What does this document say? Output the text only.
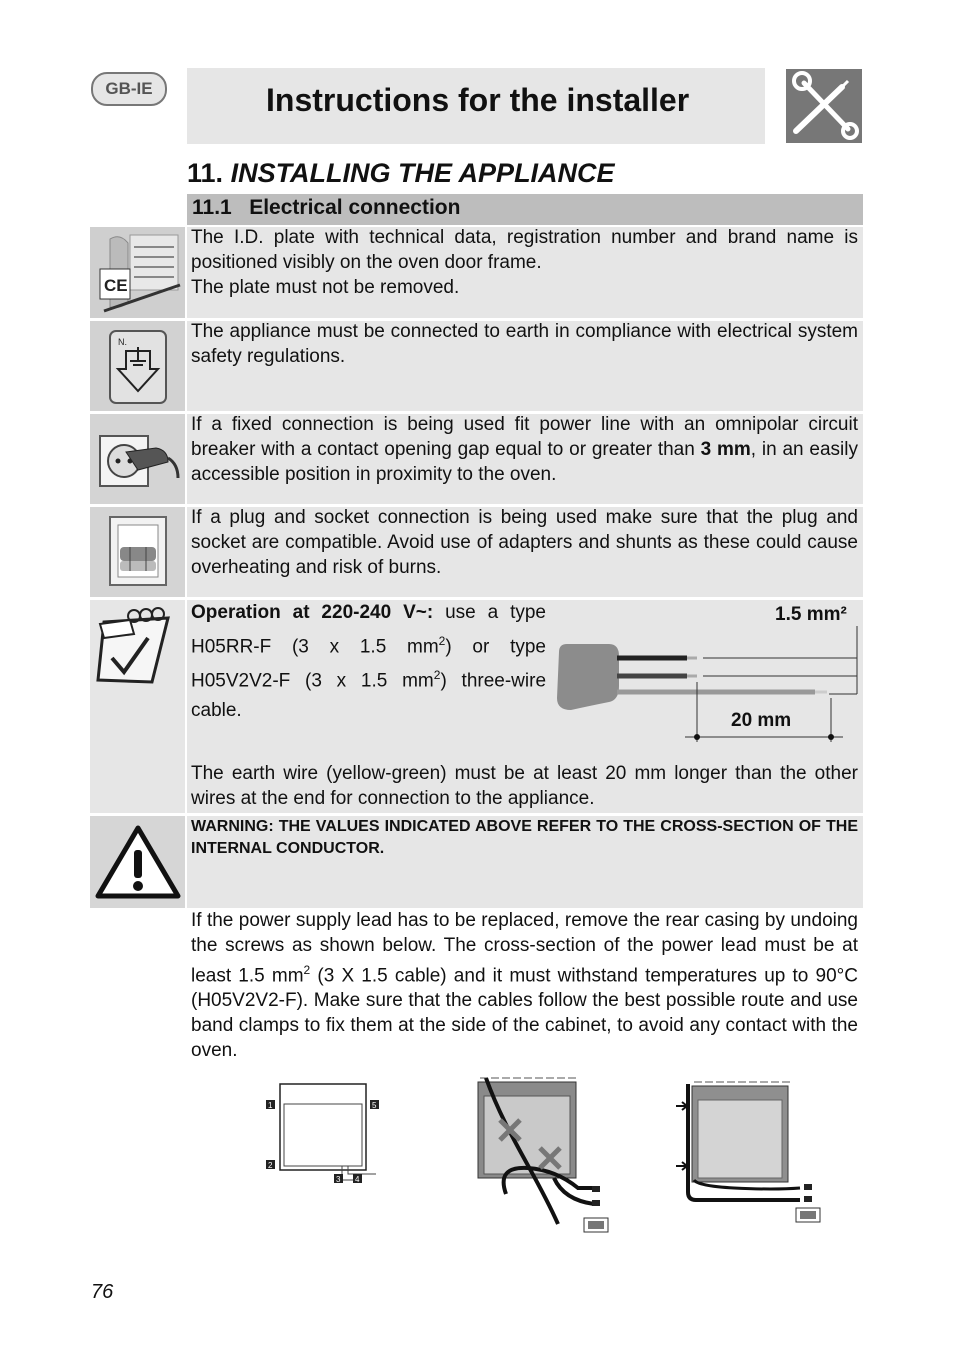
GB-IE	Instructions for the installer
11. INSTALLING THE APPLIANCE
11.1   Electrical connection
CE
The I.D. plate with technical data, registration number and brand name is positioned visibly on the oven door frame.
The plate must not be removed.
N.	The appliance must be connected to earth in compliance with electrical system safety regulations.
If a fixed connection is being used fit power line with an omnipolar circuit breaker with a contact opening gap equal to or greater than 3 mm, in an easily accessible position in proximity to the oven.
If a plug and socket connection is being used make sure that the plug and socket are compatible. Avoid use of adapters and shunts as these could cause overheating and risk of burns.
Operation at 220-240 V~: use a type H05RR-F (3 x 1.5 $mm^2$) or type H05V2V2-F (3 x 1.5 $mm^2$) three-wire cable.
1.5 mm²
20 mm
The earth wire (yellow-green) must be at least 20 mm longer than the other wires at the end for connection to the appliance.
WARNING: THE VALUES INDICATED ABOVE REFER TO THE CROSS-SECTION OF THE INTERNAL CONDUCTOR.
If the power supply lead has to be replaced, remove the rear casing by undoing the screws as shown below. The cross-section of the power lead must be at least 1.5 $mm^2$ (3 X 1.5 cable) and it must withstand temperatures up to 90°C (H05V2V2-F). Make sure that the cables follow the best possible route and use band clamps to fix them at the side of the cabinet, to avoid any contact with the oven.
1
2
3 4
5
76
